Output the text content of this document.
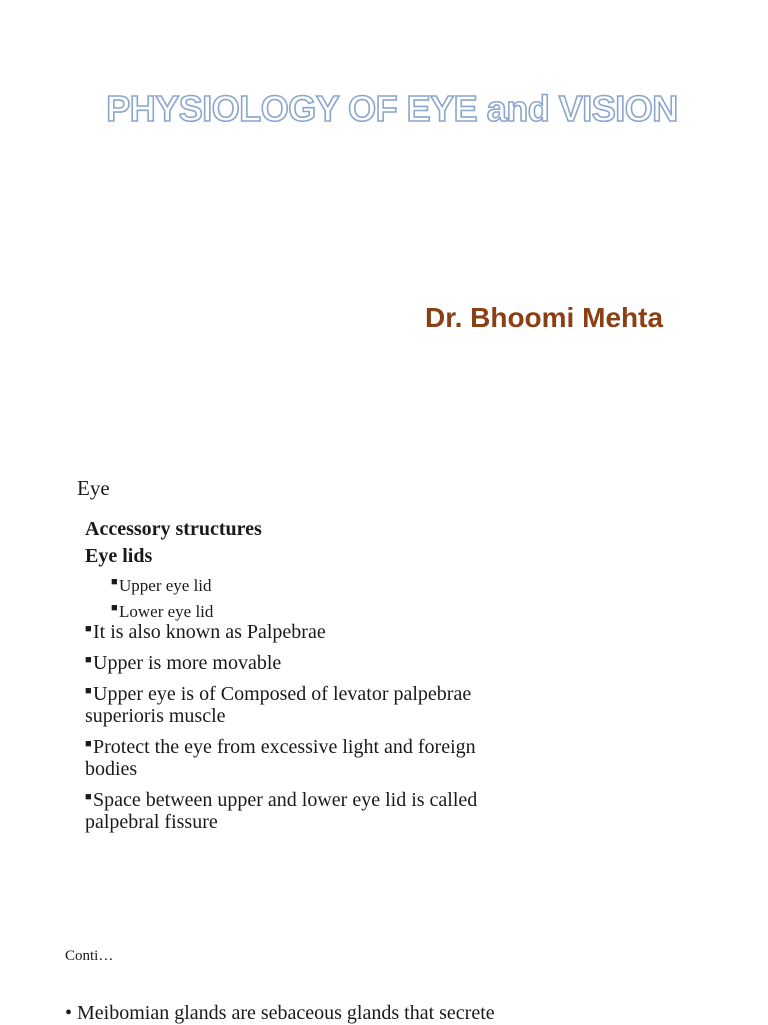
PHYSIOLOGY OF EYE and VISION
Dr. Bhoomi Mehta

Eye

Accessory structures

Eye lids

■Upper eye lid
■Lower eye lid
■It is also known as Palpebrae
■Upper is more movable
■Upper eye is of Composed of levator palpebrae
superioris muscle
■Protect the eye from excessive light and foreign
bodies
■Space between upper and lower eye lid is called
palpebral fissure

Conti…

• Meibomian glands are sebaceous glands that secrete
